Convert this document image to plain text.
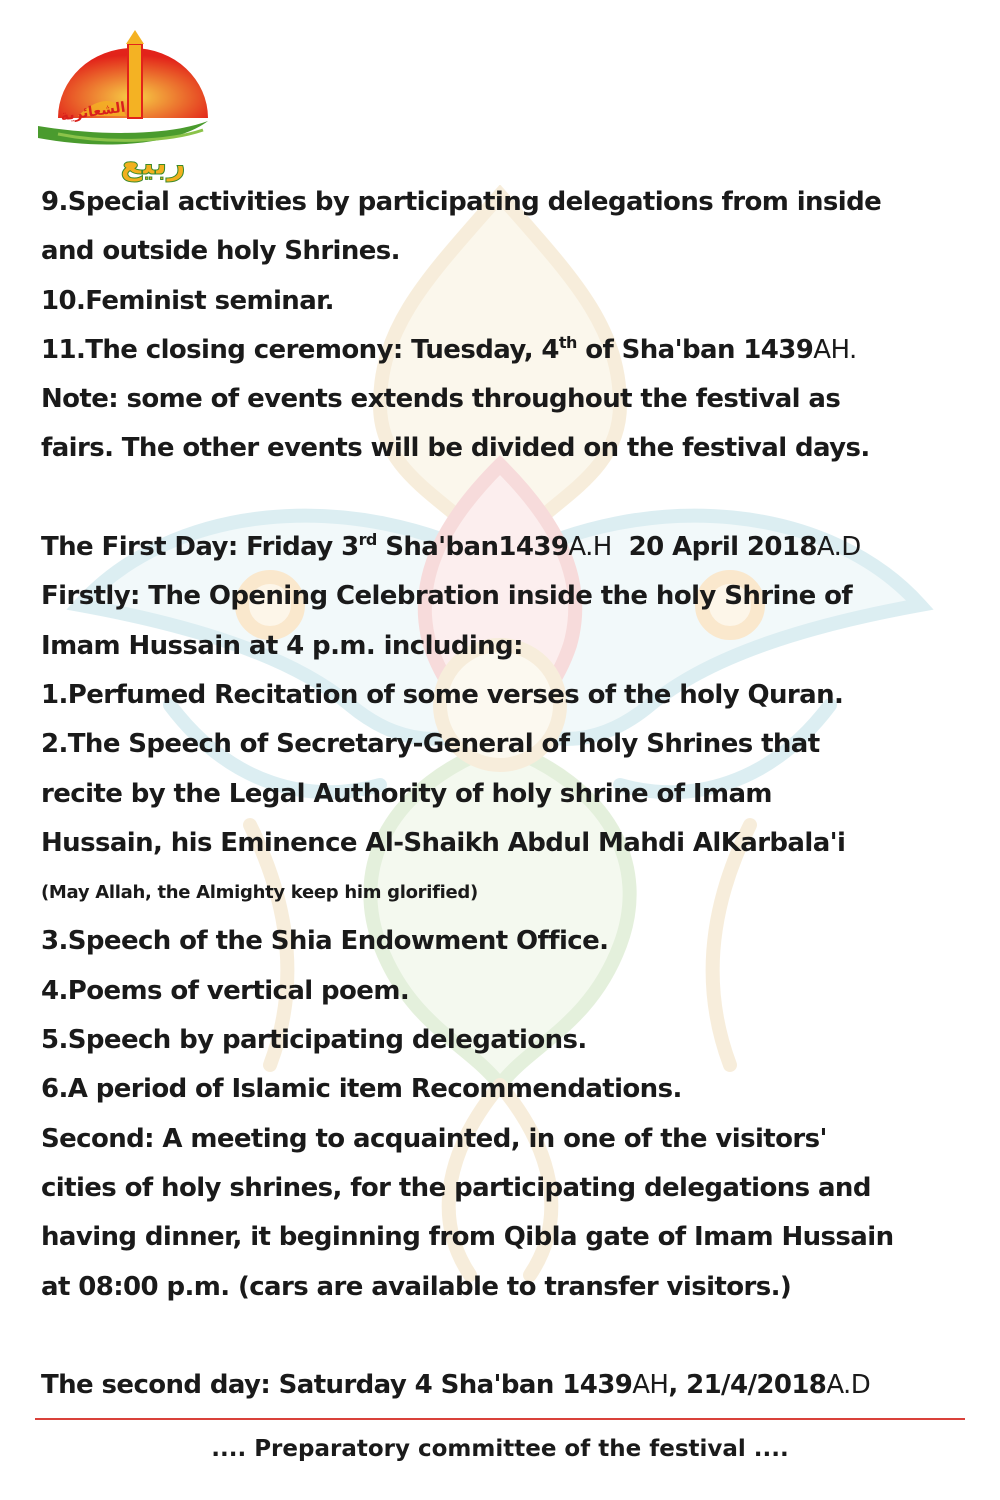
الشعائرية
ربيع
9.Special activities by participating delegations from inside
and outside holy Shrines.
10.Feminist seminar.
11.The closing ceremony: Tuesday, 4th of Sha'ban 1439AH.
Note: some of events extends throughout the festival as
fairs. The other events will be divided on the festival days.
The First Day: Friday 3rd Sha'ban1439A.H  20 April 2018A.D
Firstly: The Opening Celebration inside the holy Shrine of
Imam Hussain at 4 p.m. including:
1.Perfumed Recitation of some verses of the holy Quran.
2.The Speech of Secretary-General of holy Shrines that
recite by the Legal Authority of holy shrine of Imam
Hussain, his Eminence Al-Shaikh Abdul Mahdi AlKarbala'i
(May Allah, the Almighty keep him glorified)
3.Speech of the Shia Endowment Office.
4.Poems of vertical poem.
5.Speech by participating delegations.
6.A period of Islamic item Recommendations.
Second: A meeting to acquainted, in one of the visitors'
cities of holy shrines, for the participating delegations and
having dinner, it beginning from Qibla gate of Imam Hussain
at 08:00 p.m. (cars are available to transfer visitors.)
The second day: Saturday 4 Sha'ban 1439AH, 21/4/2018A.D
.... Preparatory committee of the festival ....
